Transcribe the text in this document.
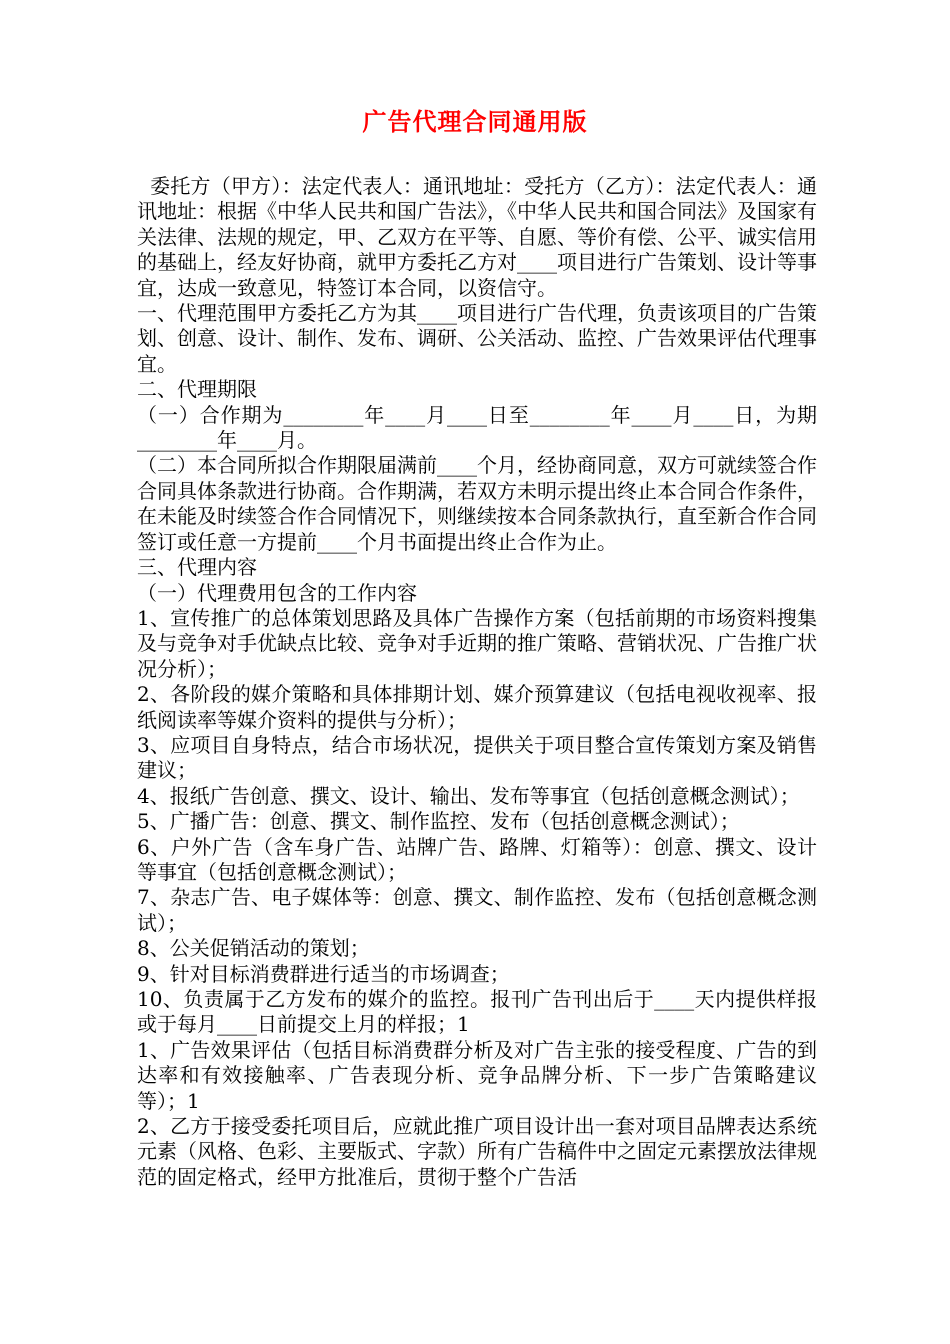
广告代理合同通用版

委托方（甲方）：法定代表人：通讯地址：受托方（乙方）：法定代表人：通讯地址：根据《中华人民共和国广告法》，《中华人民共和国合同法》及国家有关法律、法规的规定，甲、乙双方在平等、自愿、等价有偿、公平、诚实信用的基础上，经友好协商，就甲方委托乙方对____项目进行广告策划、设计等事宜，达成一致意见，特签订本合同，以资信守。

一、代理范围甲方委托乙方为其____项目进行广告代理，负责该项目的广告策划、创意、设计、制作、发布、调研、公关活动、监控、广告效果评估代理事宜。

二、代理期限

（一）合作期为________年____月____日至________年____月____日，为期________年____月。

（二）本合同所拟合作期限届满前____个月，经协商同意，双方可就续签合作合同具体条款进行协商。合作期满，若双方未明示提出终止本合同合作条件，在未能及时续签合作合同情况下，则继续按本合同条款执行，直至新合作合同签订或任意一方提前____个月书面提出终止合作为止。

三、代理内容

（一）代理费用包含的工作内容

1、宣传推广的总体策划思路及具体广告操作方案（包括前期的市场资料搜集及与竞争对手优缺点比较、竞争对手近期的推广策略、营销状况、广告推广状况分析）；

2、各阶段的媒介策略和具体排期计划、媒介预算建议（包括电视收视率、报纸阅读率等媒介资料的提供与分析）；

3、应项目自身特点，结合市场状况，提供关于项目整合宣传策划方案及销售建议；

4、报纸广告创意、撰文、设计、输出、发布等事宜（包括创意概念测试）；

5、广播广告：创意、撰文、制作监控、发布（包括创意概念测试）；

6、户外广告（含车身广告、站牌广告、路牌、灯箱等）：创意、撰文、设计等事宜（包括创意概念测试）；

7、杂志广告、电子媒体等：创意、撰文、制作监控、发布（包括创意概念测试）；

8、公关促销活动的策划；

9、针对目标消费群进行适当的市场调查；

10、负责属于乙方发布的媒介的监控。报刊广告刊出后于____天内提供样报或于每月____日前提交上月的样报；1

1、广告效果评估（包括目标消费群分析及对广告主张的接受程度、广告的到达率和有效接触率、广告表现分析、竞争品牌分析、下一步广告策略建议等）；1

2、乙方于接受委托项目后，应就此推广项目设计出一套对项目品牌表达系统元素（风格、色彩、主要版式、字款）所有广告稿件中之固定元素摆放法律规范的固定格式，经甲方批准后，贯彻于整个广告活
